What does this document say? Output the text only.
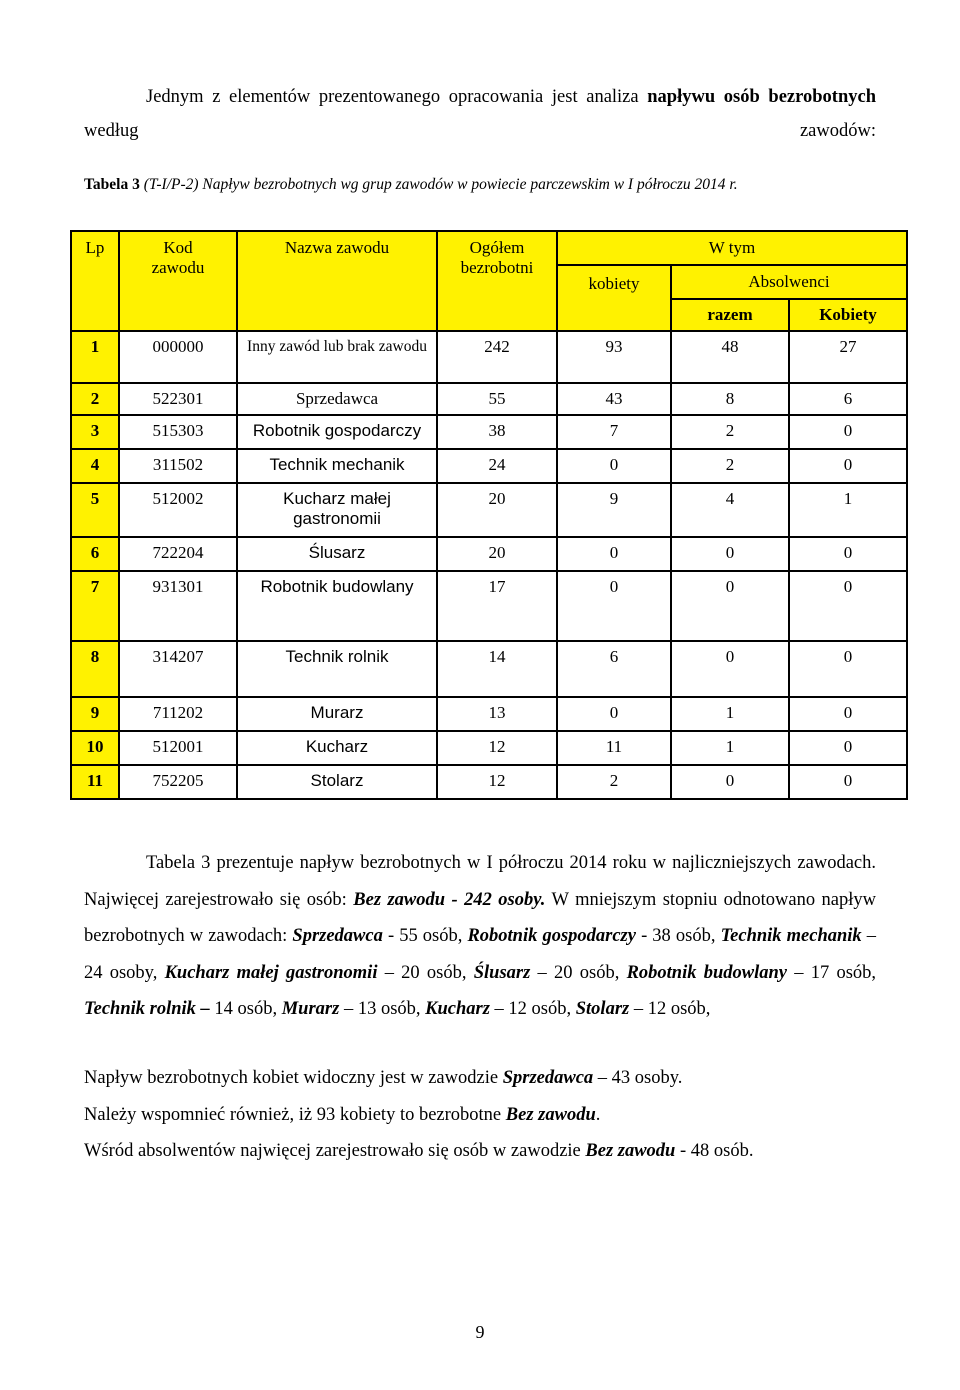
Jednym z elementów prezentowanego opracowania jest analiza napływu osób bezrobotnych według zawodów:
Tabela 3 (T-I/P-2) Napływ bezrobotnych wg grup zawodów w powiecie parczewskim w I półroczu 2014 r.
Lp	Kod zawodu	Nazwa zawodu	Ogółem bezrobotni	W tym		
				kobiety	Absolwenci	
					razem	Kobiety
1	000000	Inny zawód lub brak zawodu	242	93	48	27
2	522301	Sprzedawca	55	43	8	6
3	515303	Robotnik gospodarczy	38	7	2	0
4	311502	Technik mechanik	24	0	2	0
5	512002	Kucharz małej gastronomii	20	9	4	1
6	722204	Ślusarz	20	0	0	0
7	931301	Robotnik budowlany	17	0	0	0
8	314207	Technik rolnik	14	6	0	0
9	711202	Murarz	13	0	1	0
10	512001	Kucharz	12	11	1	0
11	752205	Stolarz	12	2	0	0
Tabela 3 prezentuje napływ bezrobotnych w I półroczu 2014 roku w najliczniejszych zawodach. Najwięcej zarejestrowało się osób: Bez zawodu - 242 osoby. W mniejszym stopniu odnotowano napływ bezrobotnych w zawodach: Sprzedawca - 55 osób, Robotnik gospodarczy - 38 osób, Technik mechanik – 24 osoby, Kucharz małej gastronomii – 20 osób, Ślusarz – 20 osób, Robotnik budowlany – 17 osób, Technik rolnik – 14 osób, Murarz – 13 osób, Kucharz – 12 osób, Stolarz – 12 osób,
Napływ bezrobotnych kobiet widoczny jest w zawodzie Sprzedawca – 43 osoby.
Należy wspomnieć również, iż 93 kobiety to bezrobotne Bez zawodu.
Wśród absolwentów najwięcej zarejestrowało się osób w zawodzie Bez zawodu - 48 osób.
9
